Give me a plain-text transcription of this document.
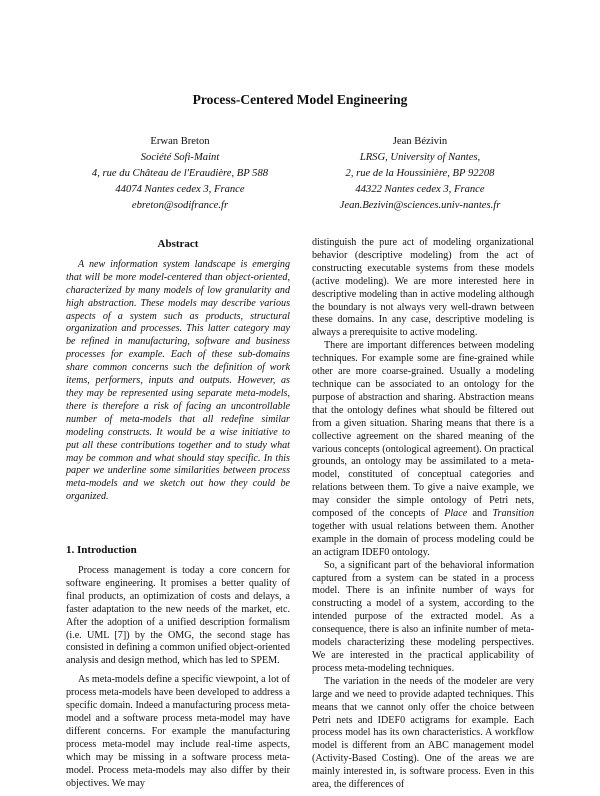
Process-Centered Model Engineering
Erwan Breton
Société Sofi-Maint
4, rue du Château de l'Eraudière, BP 588
44074 Nantes cedex 3, France
ebreton@sodifrance.fr
Jean Bézivin
LRSG, University of Nantes,
2, rue de la Houssinière, BP 92208
44322 Nantes cedex 3, France
Jean.Bezivin@sciences.univ-nantes.fr
Abstract

A new information system landscape is emerging that will be more model-centered than object-oriented, characterized by many models of low granularity and high abstraction. These models may describe various aspects of a system such as products, structural organization and processes. This latter category may be refined in manufacturing, software and business processes for example. Each of these sub-domains share common concerns such the definition of work items, performers, inputs and outputs. However, as they may be represented using separate meta-models, there is therefore a risk of facing an uncontrollable number of meta-models that all redefine similar modeling constructs. It would be a wise initiative to put all these contributions together and to study what may be common and what should stay specific. In this paper we underline some similarities between process meta-models and we sketch out how they could be organized.

1. Introduction

Process management is today a core concern for software engineering. It promises a better quality of final products, an optimization of costs and delays, a faster adaptation to the new needs of the market, etc. After the adoption of a unified description formalism (i.e. UML [7]) by the OMG, the second stage has consisted in defining a common unified object-oriented analysis and design method, which has led to SPEM.

As meta-models define a specific viewpoint, a lot of process meta-models have been developed to address a specific domain. Indeed a manufacturing process meta-model and a software process meta-model may have different concerns. For example the manufacturing process meta-model may include real-time aspects, which may be missing in a software process meta-model. Process meta-models may also differ by their objectives. We may

distinguish the pure act of modeling organizational behavior (descriptive modeling) from the act of constructing executable systems from these models (active modeling). We are more interested here in descriptive modeling than in active modeling although the boundary is not always very well-drawn between these domains. In any case, descriptive modeling is always a prerequisite to active modeling.

There are important differences between modeling techniques. For example some are fine-grained while other are more coarse-grained. Usually a modeling technique can be associated to an ontology for the purpose of abstraction and sharing. Abstraction means that the ontology defines what should be filtered out from a given situation. Sharing means that there is a collective agreement on the shared meaning of the various concepts (ontological agreement). On practical grounds, an ontology may be assimilated to a meta-model, constituted of conceptual categories and relations between them. To give a naive example, we may consider the simple ontology of Petri nets, composed of the concepts of Place and Transition together with usual relations between them. Another example in the domain of process modeling could be an actigram IDEF0 ontology.

So, a significant part of the behavioral information captured from a system can be stated in a process model. There is an infinite number of ways for constructing a model of a system, according to the intended purpose of the extracted model. As a consequence, there is also an infinite number of meta-models characterizing these modeling perspectives. We are interested in the practical applicability of process meta-modeling techniques.

The variation in the needs of the modeler are very large and we need to provide adapted techniques. This means that we cannot only offer the choice between Petri nets and IDEF0 actigrams for example. Each process model has its own characteristics. A workflow model is different from an ABC management model (Activity-Based Costing). One of the areas we are mainly interested in, is software process. Even in this area, the differences of
